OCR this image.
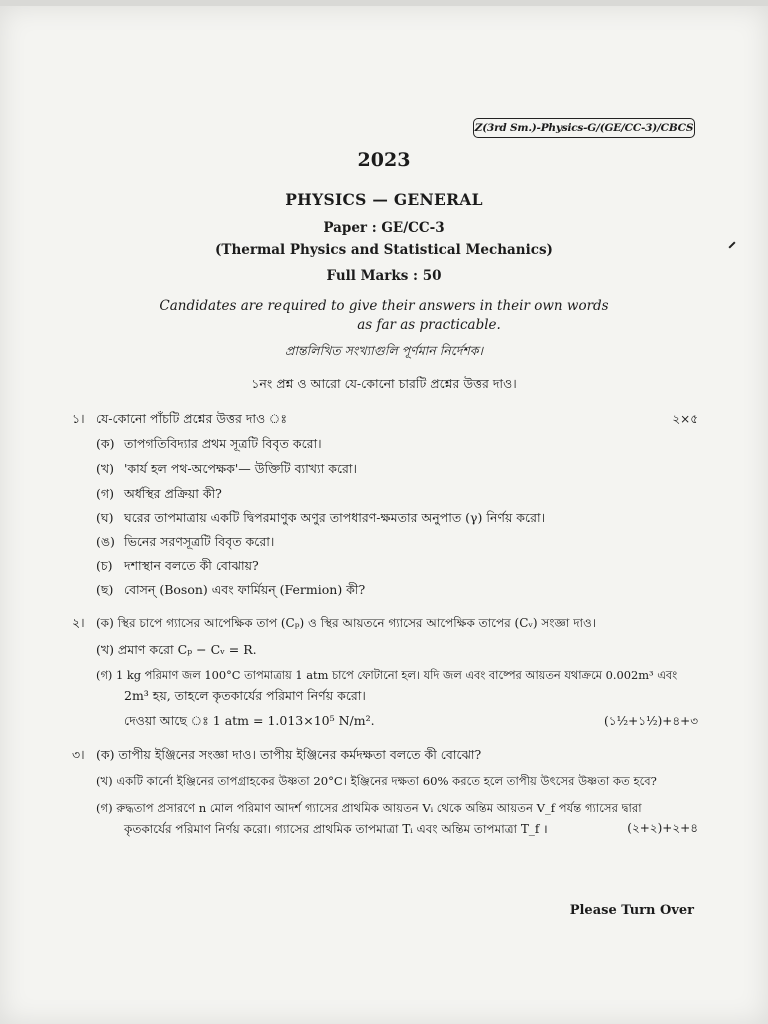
Z(3rd Sm.)-Physics-G/(GE/CC-3)/CBCS
2023
PHYSICS — GENERAL
Paper : GE/CC-3
(Thermal Physics and Statistical Mechanics)
Full Marks : 50
Candidates are required to give their answers in their own words
as far as practicable.
প্রান্তলিখিত সংখ্যাগুলি পূর্ণমান নির্দেশক।
১নং প্রশ্ন ও আরো যে-কোনো চারটি প্রশ্নের উত্তর দাও।
১। যে-কোনো পাঁচটি প্রশ্নের উত্তর দাও ঃ	২×৫
(ক) তাপগতিবিদ্যার প্রথম সূত্রটি বিবৃত করো।
(খ) 'কার্য হল পথ-অপেক্ষক'— উক্তিটি ব্যাখ্যা করো।
(গ) অর্ধস্থির প্রক্রিয়া কী?
(ঘ) ঘরের তাপমাত্রায় একটি দ্বিপরমাণুক অণুর তাপধারণ-ক্ষমতার অনুপাত (γ) নির্ণয় করো।
(ঙ) ভিনের সরণসূত্রটি বিবৃত করো।
(চ) দশাস্থান বলতে কী বোঝায়?
(ছ) বোসন্ (Boson) এবং ফার্মিয়ন্ (Fermion) কী?
২। (ক) স্থির চাপে গ্যাসের আপেক্ষিক তাপ (Cₚ) ও স্থির আয়তনে গ্যাসের আপেক্ষিক তাপের (Cᵥ) সংজ্ঞা দাও।
(খ) প্রমাণ করো Cₚ − Cᵥ = R.
(গ) 1 kg পরিমাণ জল 100°C তাপমাত্রায় 1 atm চাপে ফোটানো হল। যদি জল এবং বাষ্পের আয়তন যথাক্রমে 0.002m³ এবং
2m³ হয়, তাহলে কৃতকার্যের পরিমাণ নির্ণয় করো।
দেওয়া আছে ঃ 1 atm = 1.013×10⁵ N/m².	(১½+১½)+৪+৩
৩। (ক) তাপীয় ইঞ্জিনের সংজ্ঞা দাও। তাপীয় ইঞ্জিনের কর্মদক্ষতা বলতে কী বোঝো?
(খ) একটি কার্নো ইঞ্জিনের তাপগ্রাহকের উষ্ণতা 20°C। ইঞ্জিনের দক্ষতা 60% করতে হলে তাপীয় উৎসের উষ্ণতা কত হবে?
(গ) রুদ্ধতাপ প্রসারণে n মোল পরিমাণ আদর্শ গ্যাসের প্রাথমিক আয়তন Vᵢ থেকে অন্তিম আয়তন V_f পর্যন্ত গ্যাসের দ্বারা
কৃতকার্যের পরিমাণ নির্ণয় করো। গ্যাসের প্রাথমিক তাপমাত্রা Tᵢ এবং অন্তিম তাপমাত্রা T_f ।	(২+২)+২+৪
Please Turn Over
